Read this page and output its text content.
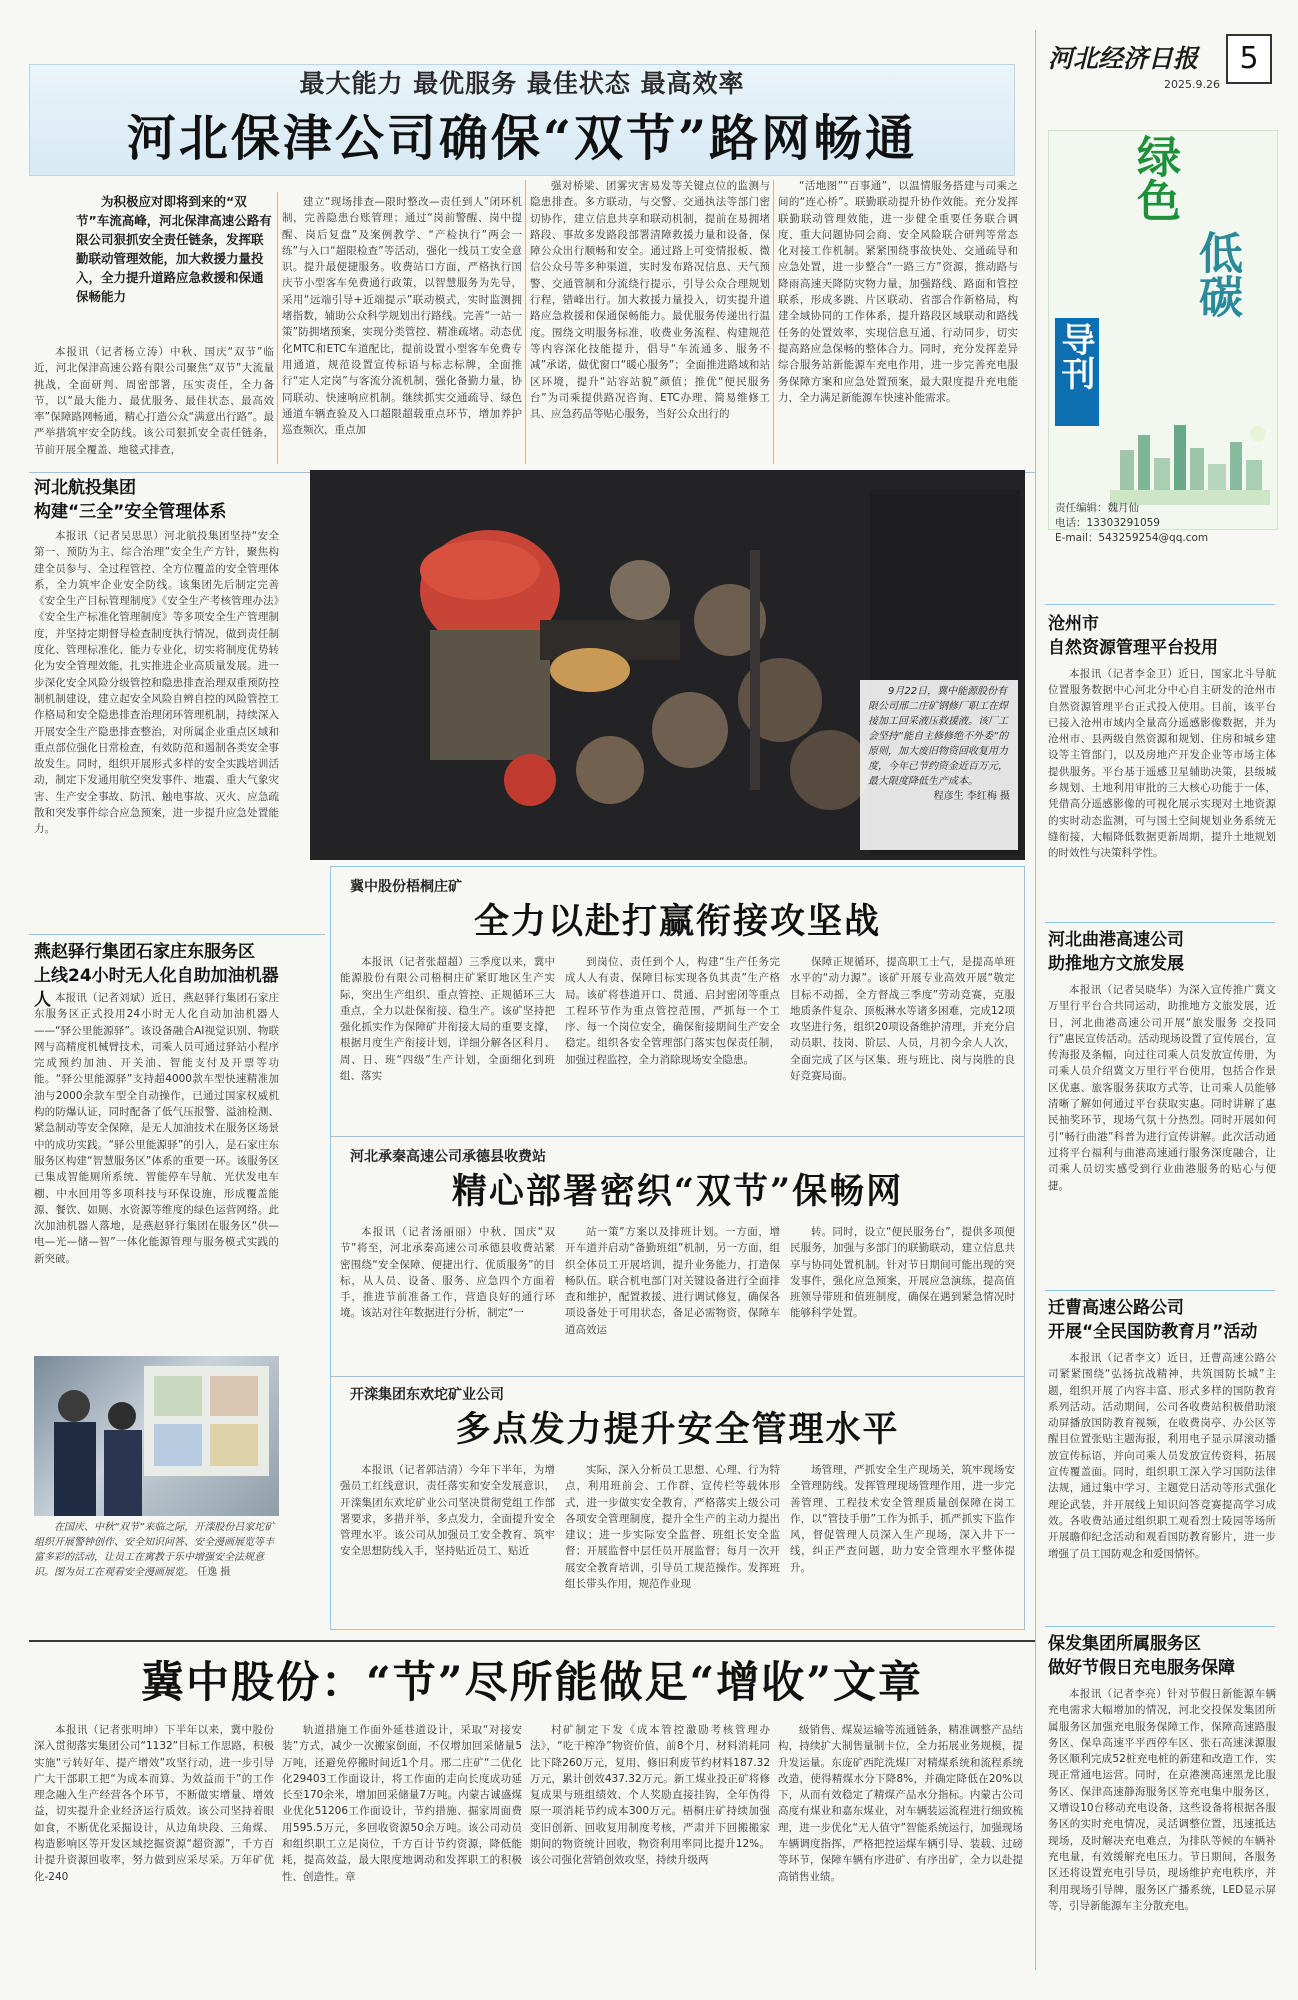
最大能力 最优服务 最佳状态 最高效率
河北保津公司确保“双节”路网畅通
河北经济日报	5
2025.9.26
绿色
低碳
导刊
责任编辑：魏月仙
电话：13303291059
E-mail：543259254@qq.com
为积极应对即将到来的“双节”车流高峰，河北保津高速公路有限公司狠抓安全责任链条，发挥联勤联动管理效能，加大救援力量投入，全力提升道路应急救援和保通保畅能力
本报讯（记者杨立涛）中秋、国庆“双节”临近，河北保津高速公路有限公司聚焦“双节”大流量挑战，全面研判、周密部署，压实责任，全力备节，以“最大能力、最优服务、最佳状态、最高效率”保障路网畅通，精心打造公众“满意出行路”。最严举措筑牢安全防线。该公司狠抓安全责任链条，节前开展全覆盖、地毯式排查，
建立“现场排查—限时整改—责任到人”闭环机制，完善隐患台账管理；通过“岗前警醒、岗中提醒、岗后复盘”及案例教学、“产检执行”两会一练”与入口“超限检查”等活动，强化一线员工安全意识。提升最便捷服务。收费站口方面，严格执行国庆节小型客车免费通行政策，以智慧服务为先导，采用“远端引导+近端提示”联动模式，实时监测拥堵指数，辅助公众科学规划出行路线。完善“一站一策”防拥堵预案，实现分类管控、精准疏堵。动态优化MTC和ETC车道配比，提前设置小型客车免费专用通道，规范设置宣传标语与标志标牌，全面推行“定人定岗”与客流分流机制，强化备勤力量，协同联动、快速响应机制。继续抓实交通疏导、绿色通道车辆查验及入口超限超载重点环节，增加养护巡查频次，重点加
强对桥梁、团雾灾害易发等关键点位的监测与隐患排查。多方联动，与交警、交通执法等部门密切协作，建立信息共享和联动机制，提前在易拥堵路段、事故多发路段部署清障救援力量和设备，保障公众出行顺畅和安全。通过路上可变情报板、微信公众号等多种渠道，实时发布路况信息、天气预警、交通管制和分流绕行提示，引导公众合理规划行程，错峰出行。加大救援力量投入，切实提升道路应急救援和保通保畅能力。最优服务传递出行温度。围绕文明服务标准，收费业务流程、构建规范等内容深化技能提升，倡导“车流通多、服务不减”承诺，做优窗口“暖心服务”；全面推进路域和站区环境，提升“站容站貌”颜值；推优“便民服务台”为司乘提供路况咨询、ETC办理、简易维修工具、应急药品等贴心服务，当好公众出行的
“活地图”“百事通”，以温情服务搭建与司乘之间的“连心桥”。联勤联动提升协作效能。充分发挥联勤联动管理效能，进一步健全重要任务联合调度、重大问题协同会商、安全风险联合研判等常态化对接工作机制。紧紧围绕事故快处、交通疏导和应急处置，进一步整合“一路三方”资源，推动路与降雨高速天降防灾物力量，加强路线、路面和管控联系，形成多跳、片区联动、省部合作新格局，构建全域协同的工作体系，提升路段区域联动和路线任务的处置效率，实现信息互通、行动同步，切实提高路应急保畅的整体合力。同时，充分发挥差异综合服务站新能源车充电作用，进一步完善充电服务保障方案和应急处置预案，最大限度提升充电能力，全力满足新能源车快速补能需求。
河北航投集团
构建“三全”安全管理体系
本报讯（记者吴思思）河北航投集团坚持“安全第一、预防为主、综合治理”安全生产方针，聚焦构建全员参与、全过程管控、全方位覆盖的安全管理体系，全力筑牢企业安全防线。该集团先后制定完善《安全生产目标管理制度》《安全生产考核管理办法》《安全生产标准化管理制度》等多项安全生产管理制度，并坚持定期督导检查制度执行情况，做到责任制度化、管理标准化、能力专业化，切实将制度优势转化为安全管理效能，扎实推进企业高质量发展。进一步深化安全风险分级管控和隐患排查治理双重预防控制机制建设，建立起安全风险自辨自控的风险管控工作格局和安全隐患排查治理闭环管理机制，持续深入开展安全生产隐患排查整治，对所属企业重点区域和重点部位强化日常检查，有效防范和遏制各类安全事故发生。同时，组织开展形式多样的安全实践培训活动，制定下发通用航空突发事件、地震、重大气象灾害、生产安全事故、防汛、触电事故、灭火、应急疏散和突发事件综合应急预案，进一步提升应急处置能力。
燕赵驿行集团石家庄东服务区
上线24小时无人化自助加油机器人 本报讯（记者刘斌）近日，燕赵驿行集团石家庄东服务区正式投用24小时无人化自动加油机器人——“驿公里能源驿”。该设备融合AI视觉识别、物联网与高精度机械臂技术，司乘人员可通过驿站小程序完成预约加油、开关油、智能支付及开票等功能。“驿公里能源驿”支持超4000款车型快速精准加油与2000余款车型全自动操作，已通过国家权威机构的防爆认证，同时配备了低气压报警、溢油检测、紧急制动等安全保障，是无人加油技术在服务区场景中的成功实践。“驿公里能源驿”的引入，是石家庄东服务区构建“智慧服务区”体系的重要一环。该服务区已集成智能厕所系统、智能停车导航、光伏发电车棚、中水回用等多项科技与环保设施，形成覆盖能源、餐饮、如厕、水资源等维度的绿色运营网络。此次加油机器人落地，是燕赵驿行集团在服务区“供—电—光—储—智”一体化能源管理与服务模式实践的新突破。
在国庆、中秋“双节”来临之际，开滦股份吕家坨矿组织开展警钟创作、安全知识问答、安全漫画展览等丰富多彩的活动，让员工在寓教于乐中增强安全法规意识。图为员工在观看安全漫画展览。 任逸 摄
9月22日，冀中能源股份有限公司邢二庄矿钢修厂职工在焊接加工回采液压救援液。该厂工会坚持“能自主修修绝不外委”的原则，加大废旧物资回收复用力度，今年已节约资金近百万元，最大限度降低生产成本。
程彦生 李红梅 摄
冀中股份梧桐庄矿
全力以赴打赢衔接攻坚战
本报讯（记者张超超）三季度以来，冀中能源股份有限公司梧桐庄矿紧盯地区生产实际，突出生产组织、重点管控、正规循环三大重点，全力以赴保衔接、稳生产。该矿坚持把强化抓实作为保障矿井衔接大局的重要支撑，根据月度生产衔接计划，详细分解各区科月、周、日、班“四级”生产计划，全面细化到班组、落实
到岗位、责任到个人，构建“生产任务完成人人有责、保障目标实现各负其责”生产格局。该矿将巷道开口、贯通、启封密闭等重点工程环节作为重点管控范围，严抓每一个工序、每一个岗位安全，确保衔接期间生产安全稳定。组织各安全管理部门落实包保责任制，加强过程监控，全力消除现场安全隐患。
保障正规循环，提高职工士气，是提高单班水平的“动力源”。该矿开展专业高效开展“敬定目标不动摇，全方督战三季度”劳动竞赛，克服地质条件复杂、顶板淋水等诸多困难，完成12项攻坚进行务，组织20项设备维护清理，并充分启动员职、技岗、阶层、人员，月初今余人人次，全面完成了区与区集、班与班比、岗与岗胜的良好竞赛局面。
河北承秦高速公司承德县收费站
精心部署密织“双节”保畅网
本报讯（记者汤丽丽）中秋、国庆“双节”将至，河北承秦高速公司承德县收费站紧密围绕“安全保障、便捷出行、优质服务”的目标，从人员、设备、服务、应急四个方面着手，推进节前准备工作，营造良好的通行环境。该站对往年数据进行分析，制定“一
站一策”方案以及排班计划。一方面，增开车道并启动“备勤班组”机制，另一方面，组织全体员工开展培训，提升业务能力，打造保畅队伍。联合机电部门对关键设备进行全面排查和维护，配置救援、进行调试修复，确保各项设备处于可用状态，备足必需物资，保障车道高效运
转。同时，设立“便民服务台”，提供多项便民服务，加强与多部门的联勤联动，建立信息共享与协同处置机制。针对节日期间可能出现的突发事件，强化应急预案，开展应急演练，提高值班领导带班和值班制度，确保在遇到紧急情况时能够科学处置。
开滦集团东欢坨矿业公司
多点发力提升安全管理水平
本报讯（记者郭洁清）今年下半年，为增强员工红线意识，责任落实和安全发展意识，开滦集团东欢坨矿业公司坚决贯彻党组工作部署要求，多措并举，多点发力，全面提升安全管理水平。该公司从加强员工安全教育、筑牢安全思想防线入手，坚持贴近员工、贴近
实际，深入分析员工思想、心理、行为特点，利用班前会、工作群、宣传栏等载体形式，进一步做实安全教育，严格落实上级公司各项安全管理制度，提升全生产的主动力提出建议；进一步实际安全监督、班组长安全监督；开展监督中层任员开展监督；每月一次开展安全教育培训，引导员工规范操作。发挥班组长带头作用，规范作业现
场管理，严抓安全生产现场关，筑牢现场安全管理防线。发挥管理现场管理作用，进一步完善管理、工程技术安全管理质量创保障在岗工作，以“管技手册”工作为抓手，抓严抓实下监作风，督促管理人员深入生产现场，深入井下一线，纠正严查问题，助力安全管理水平整体提升。
冀中股份：“节”尽所能做足“增收”文章
本报讯（记者张明坤）下半年以来，冀中股份深入贯彻落实集团公司“1132”目标工作思路，积极实施“亏转好年、提产增效”攻坚行动，进一步引导广大干部职工把“为成本而算、为效益而干”的工作理念融入生产经营各个环节，不断做实增量、增效益，切实提升企业经济运行质效。该公司坚持着眼如食，不断优化采掘设计，从边角块段、三角煤、构造影响区等开发区域挖掘资源“超资源”，千方百计提升资源回收率，努力做到应采尽采。万年矿优化-240
轨道措施工作面外延巷道设计，采取“对接安装”方式，减少一次搬家倒面，不仅增加回采储量5万吨，还避免停搬时间近1个月。邢二庄矿“二优化化29403工作面设计，将工作面的走向长度成功延长至170余米，增加回采储量7万吨。内蒙古诚盛煤业优化51206工作面设计，节约措施、掘家周面费用595.5万元，多回收资源50余万吨。该公司动员和组织职工立足岗位，千方百计节约资源，降低能耗，提高效益，最大限度地调动和发挥职工的积极性、创造性。章
村矿制定下发《成本管控激励考核管理办法》，“吃干榨净”物资价值，前8个月，材料消耗同比下降260万元，复用、修旧利废节约材料187.32万元，累计创效437.32万元。新工煤业投正矿将修复成果与班组绩效、个人奖励直接挂钩，全年伪得原一项消耗节约成本300万元。梧桐庄矿持续加强变旧创新、回收复用制度考核，严肃并下回搬搬家期间的物资统计回收，物资利用率同比提升12%。该公司强化营销创效攻坚，持续升级两
级销售、煤炭运输等流通链条，精准调整产品结构，持续扩大制售量制卡位，全力拓展业务规模，提升发运量。东庞矿西陀洗煤厂对精煤系统和流程系统改造，使得精煤水分下降8%，并确定降低在20%以下，从而有效稳定了精煤产品水分指标。内蒙古公司高度有煤业和嘉东煤业，对车辆装运流程进行细致梳理，进一步优化“无人值守”智能系统运行，加强现场车辆调度指挥，严格把控运煤车辆引导、装载、过磅等环节，保障车辆有序进矿、有序出矿，全力以赴提高销售业绩。
沧州市
自然资源管理平台投用
本报讯（记者李金卫）近日，国家北斗导航位置服务数据中心河北分中心自主研发的沧州市自然资源管理平台正式投入使用。目前，该平台已接入沧州市域内全量高分遥感影像数据，并为沧州市、县两级自然资源和规划、住房和城乡建设等主管部门，以及房地产开发企业等市场主体提供服务。平台基于遥感卫星辅助决策，县级城乡规划、土地利用审批的三大核心功能于一体，凭借高分遥感影像的可视化展示实现对土地资源的实时动态监测，可与国土空间规划业务系统无缝衔接，大幅降低数据更新周期，提升土地规划的时效性与决策科学性。
河北曲港高速公司
助推地方文旅发展
本报讯（记者吴晓华）为深入宣传推广冀文万里行平台合共同运动，助推地方文旅发展，近日，河北曲港高速公司开展“旅发服务 交投同行”惠民宣传活动。活动现场设置了宣传展台，宣传海报及条幅，向过往司乘人员发放宣传册，为司乘人员介绍冀文万里行平台使用，包括合作景区优惠、旅客服务获取方式等，让司乘人员能够清晰了解如何通过平台获取实惠。同时讲解了惠民抽奖环节，现场气氛十分热烈。同时开展如何引“畅行曲港”科普为进行宣传讲解。此次活动通过将平台福利与曲港高速通行服务深度融合，让司乘人员切实感受到行业曲港服务的贴心与便捷。
迁曹高速公路公司
开展“全民国防教育月”活动
本报讯（记者李文）近日，迁曹高速公路公司紧紧围绕“弘扬抗战精神，共筑国防长城”主题，组织开展了内容丰富、形式多样的国防教育系列活动。活动期间，公司各收费站积极借助滚动屏播放国防教育视频，在收费岗亭、办公区等醒目位置张贴主题海报，利用电子显示屏滚动播放宣传标语，并向司乘人员发放宣传资料，拓展宣传覆盖面。同时，组织职工深入学习国防法律法规，通过集中学习、主题党日活动等形式强化理论武装，并开展线上知识问答竞赛提高学习成效。各收费站通过组织职工观看烈士陵园等场所开展瞻仰纪念活动和观看国防教育影片，进一步增强了员工国防观念和爱国情怀。
保发集团所属服务区
做好节假日充电服务保障
本报讯（记者李亮）针对节假日新能源车辆充电需求大幅增加的情况，河北交投保发集团所属服务区加强充电服务保障工作，保障高速路服务区、保阜高速平平西停车区、张石高速涞源服务区顺利完成52桩充电桩的新建和改造工作，实现正常通电运营。同时，在京港澳高速黑龙比服务区、保津高速静海服务区等充电集中服务区，又增设10台移动充电设备，这些设备将根据各服务区的实时充电情况，灵活调整位置，迅速抵达现场，及时解决充电难点，为排队等候的车辆补充电量，有效缓解充电压力。节日期间，各服务区还将设置充电引导员，现场维护充电秩序，并利用现场引导牌，服务区广播系统，LED显示屏等，引导新能源车主分散充电。
